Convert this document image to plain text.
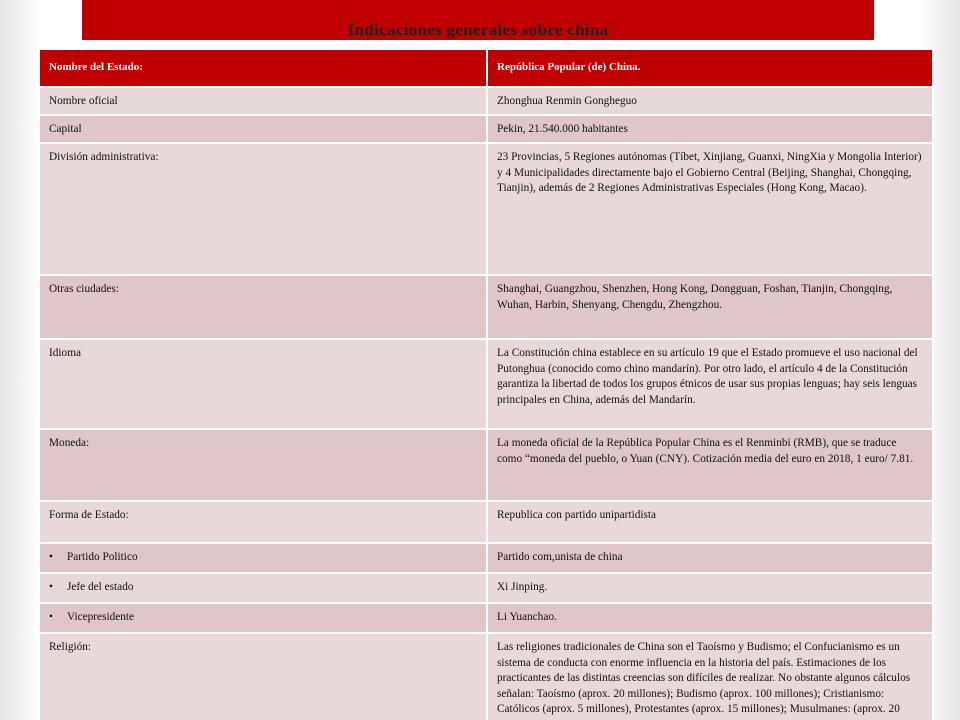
Indicaciones generales sobre china
Nombre del Estado:	República Popular (de) China.
Nombre oficial	Zhonghua Renmin Gongheguo
Capital	Pekin, 21.540.000 habitantes
División administrativa:	23 Provincias, 5 Regiones autónomas (Tíbet, Xinjiang, Guanxi, NingXia y Mongolia Interior) y 4 Municipalidades directamente bajo el Gobierno Central (Beijing, Shanghai, Chongqing, Tianjin), además de 2 Regiones Administrativas Especiales (Hong Kong, Macao).
Otras ciudades:	Shanghai, Guangzhou, Shenzhen, Hong Kong, Dongguan, Foshan, Tianjin, Chongqing, Wuhan, Harbin, Shenyang, Chengdu, Zhengzhou.
Idioma	La Constitución china establece en su artículo 19 que el Estado promueve el uso nacional del Putonghua (conocido como chino mandarín). Por otro lado, el artículo 4 de la Constitución garantiza la libertad de todos los grupos étnicos de usar sus propias lenguas; hay seis lenguas principales en China, además del Mandarín.
Moneda:	La moneda oficial de la República Popular China es el Renminbi (RMB), que se traduce como “moneda del pueblo, o Yuan (CNY). Cotización media del euro en 2018, 1 euro/ 7.81.
Forma de Estado:	Republica con partido unipartidista
• Partido Politico	Partido com,unista de china
• Jefe del estado	Xi Jinping.
• Vicepresidente	Li Yuanchao.
Religión:	Las religiones tradicionales de China son el Taoísmo y Budismo; el Confucianismo es un sistema de conducta con enorme influencia en la historia del país. Estimaciones de los practicantes de las distintas creencias son difíciles de realizar. No obstante algunos cálculos señalan: Taoísmo (aprox. 20 millones); Budismo (aprox. 100 millones); Cristianismo: Católicos (aprox. 5 millones), Protestantes (aprox. 15 millones); Musulmanes: (aprox. 20
